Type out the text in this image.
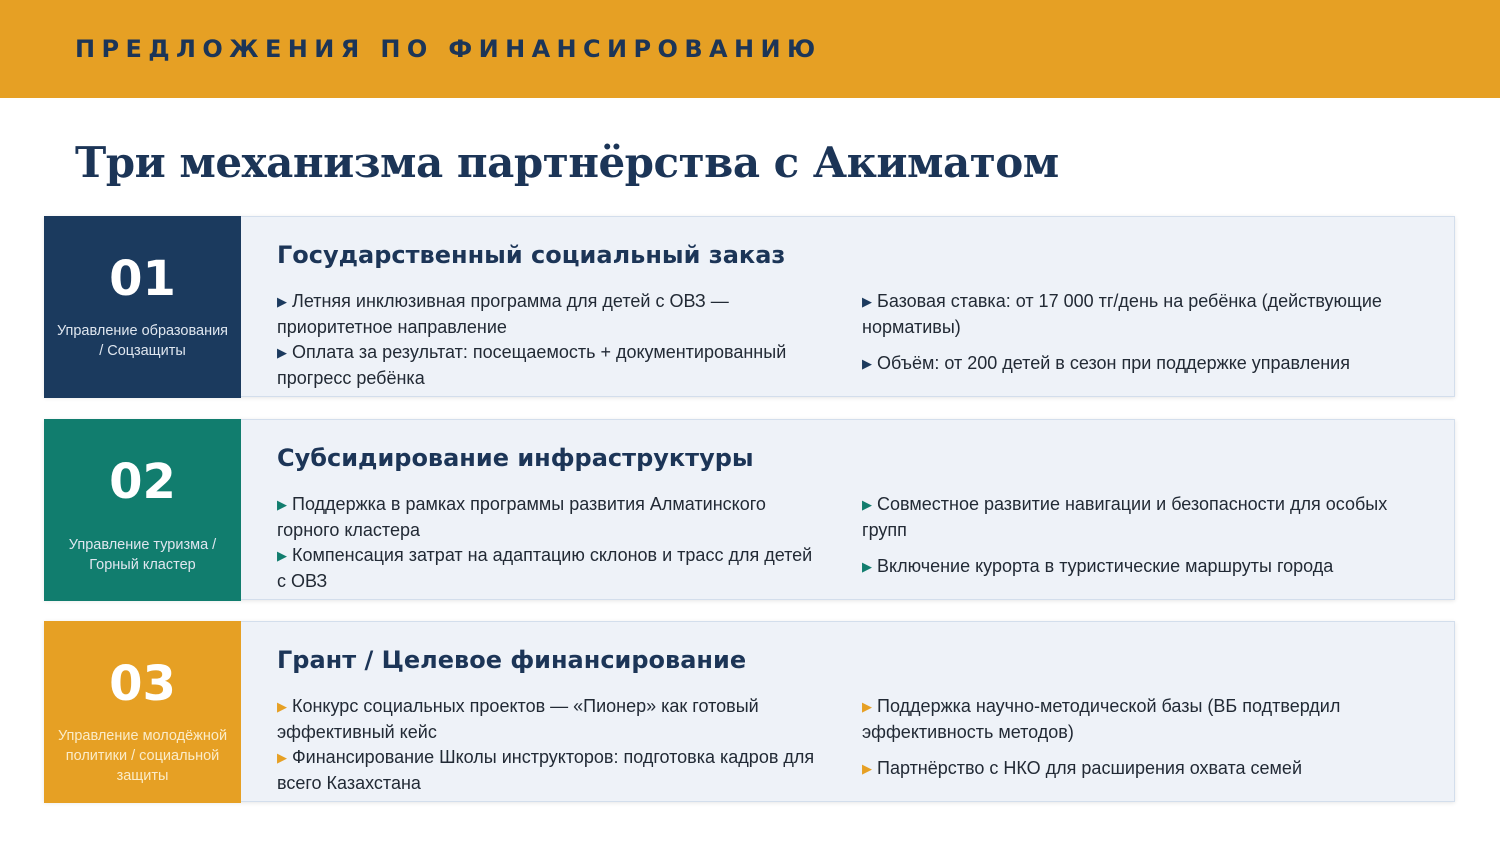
ПРЕДЛОЖЕНИЯ ПО ФИНАНСИРОВАНИЮ
Три механизма партнёрства с Акиматом
01
Управление образования / Соцзащиты
Государственный социальный заказ

▶ Летняя инклюзивная программа для детей с ОВЗ — приоритетное направление

▶ Оплата за результат: посещаемость + документированный прогресс ребёнка

▶ Базовая ставка: от 17 000 тг/день на ребёнка (действующие нормативы)

▶ Объём: от 200 детей в сезон при поддержке управления

02
Управление туризма / Горный кластер
Субсидирование инфраструктуры

▶ Поддержка в рамках программы развития Алматинского горного кластера

▶ Компенсация затрат на адаптацию склонов и трасс для детей с ОВЗ

▶ Совместное развитие навигации и безопасности для особых групп

▶ Включение курорта в туристические маршруты города

03
Управление молодёжной политики / социальной защиты
Грант / Целевое финансирование

▶ Конкурс социальных проектов — «Пионер» как готовый эффективный кейс

▶ Финансирование Школы инструкторов: подготовка кадров для всего Казахстана

▶ Поддержка научно-методической базы (ВБ подтвердил эффективность методов)

▶ Партнёрство с НКО для расширения охвата семей
